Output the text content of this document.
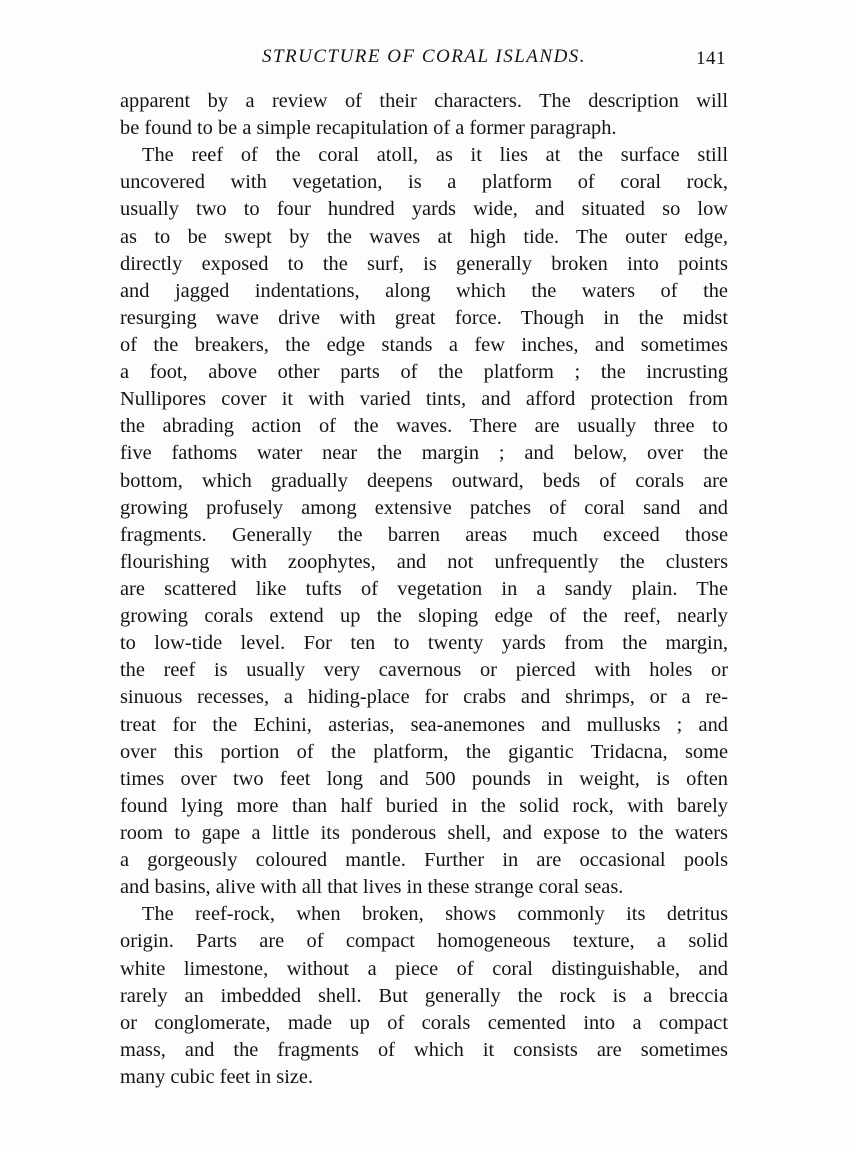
STRUCTURE OF CORAL ISLANDS.	141
apparent by a review of their characters. The description will
be found to be a simple recapitulation of a former paragraph.
The reef of the coral atoll, as it lies at the surface still
uncovered with vegetation, is a platform of coral rock,
usually two to four hundred yards wide, and situated so low
as to be swept by the waves at high tide. The outer edge,
directly exposed to the surf, is generally broken into points
and jagged indentations, along which the waters of the
resurging wave drive with great force. Though in the midst
of the breakers, the edge stands a few inches, and sometimes
a foot, above other parts of the platform ; the incrusting
Nullipores cover it with varied tints, and afford protection from
the abrading action of the waves. There are usually three to
five fathoms water near the margin ; and below, over the
bottom, which gradually deepens outward, beds of corals are
growing profusely among extensive patches of coral sand and
fragments. Generally the barren areas much exceed those
flourishing with zoophytes, and not unfrequently the clusters
are scattered like tufts of vegetation in a sandy plain. The
growing corals extend up the sloping edge of the reef, nearly
to low-tide level. For ten to twenty yards from the margin,
the reef is usually very cavernous or pierced with holes or
sinuous recesses, a hiding-place for crabs and shrimps, or a re-
treat for the Echini, asterias, sea-anemones and mullusks ; and
over this portion of the platform, the gigantic Tridacna, some
times over two feet long and 500 pounds in weight, is often
found lying more than half buried in the solid rock, with barely
room to gape a little its ponderous shell, and expose to the waters
a gorgeously coloured mantle. Further in are occasional pools
and basins, alive with all that lives in these strange coral seas.
The reef-rock, when broken, shows commonly its detritus
origin. Parts are of compact homogeneous texture, a solid
white limestone, without a piece of coral distinguishable, and
rarely an imbedded shell. But generally the rock is a breccia
or conglomerate, made up of corals cemented into a compact
mass, and the fragments of which it consists are sometimes
many cubic feet in size.
